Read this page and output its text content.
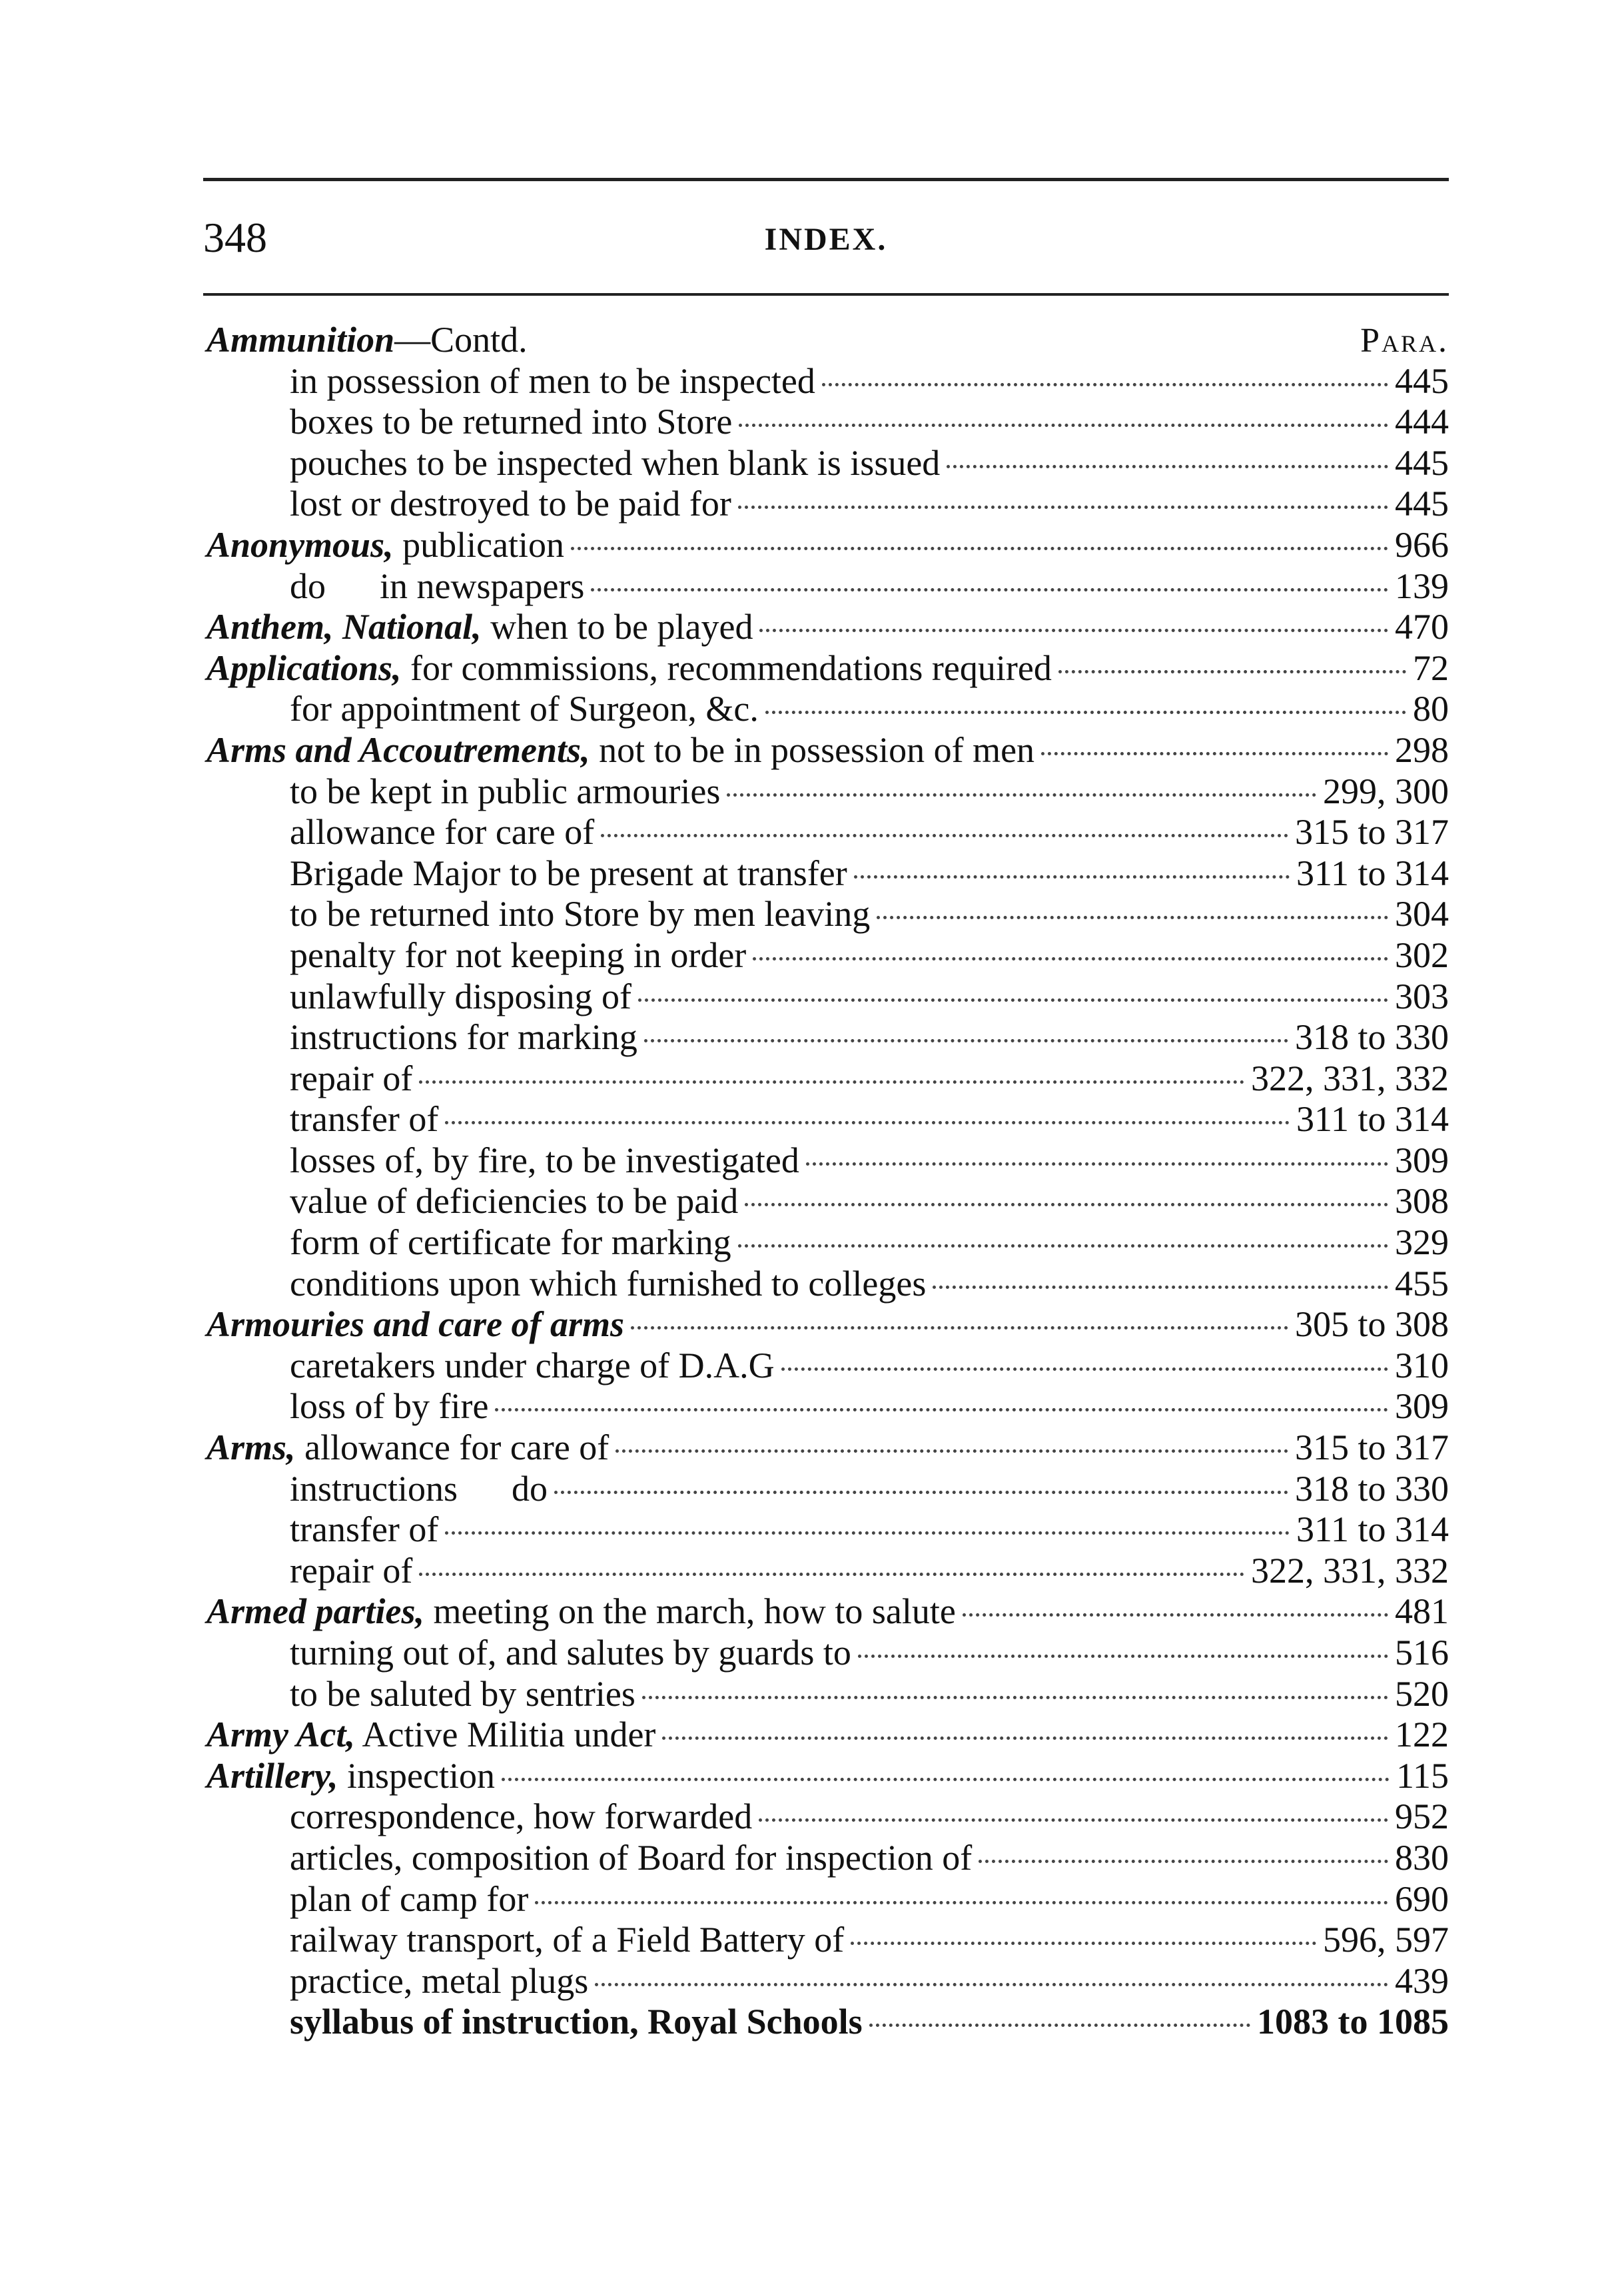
348	INDEX.
Ammunition —Contd.	Para.
in possession of men to be inspected	445
boxes to be returned into Store	444
pouches to be inspected when blank is issued	445
lost or destroyed to be paid for	445
Anonymous, publication	966
do      in newspapers	139
Anthem, National, when to be played	470
Applications, for commissions, recommendations required	72
for appointment of Surgeon, &c.	80
Arms and Accoutrements, not to be in possession of men	298
to be kept in public armouries	299, 300
allowance for care of	315 to 317
Brigade Major to be present at transfer	311 to 314
to be returned into Store by men leaving	304
penalty for not keeping in order	302
unlawfully disposing of	303
instructions for marking	318 to 330
repair of	322, 331, 332
transfer of	311 to 314
losses of, by fire, to be investigated	309
value of deficiencies to be paid	308
form of certificate for marking	329
conditions upon which furnished to colleges	455
Armouries and care of arms	305 to 308
caretakers under charge of D.A.G	310
loss of by fire	309
Arms, allowance for care of	315 to 317
instructions      do	318 to 330
transfer of	311 to 314
repair of	322, 331, 332
Armed parties, meeting on the march, how to salute	481
turning out of, and salutes by guards to	516
to be saluted by sentries	520
Army Act, Active Militia under	122
Artillery, inspection	115
correspondence, how forwarded	952
articles, composition of Board for inspection of	830
plan of camp for	690
railway transport, of a Field Battery of	596, 597
practice, metal plugs	439
syllabus of instruction, Royal Schools	1083 to 1085
